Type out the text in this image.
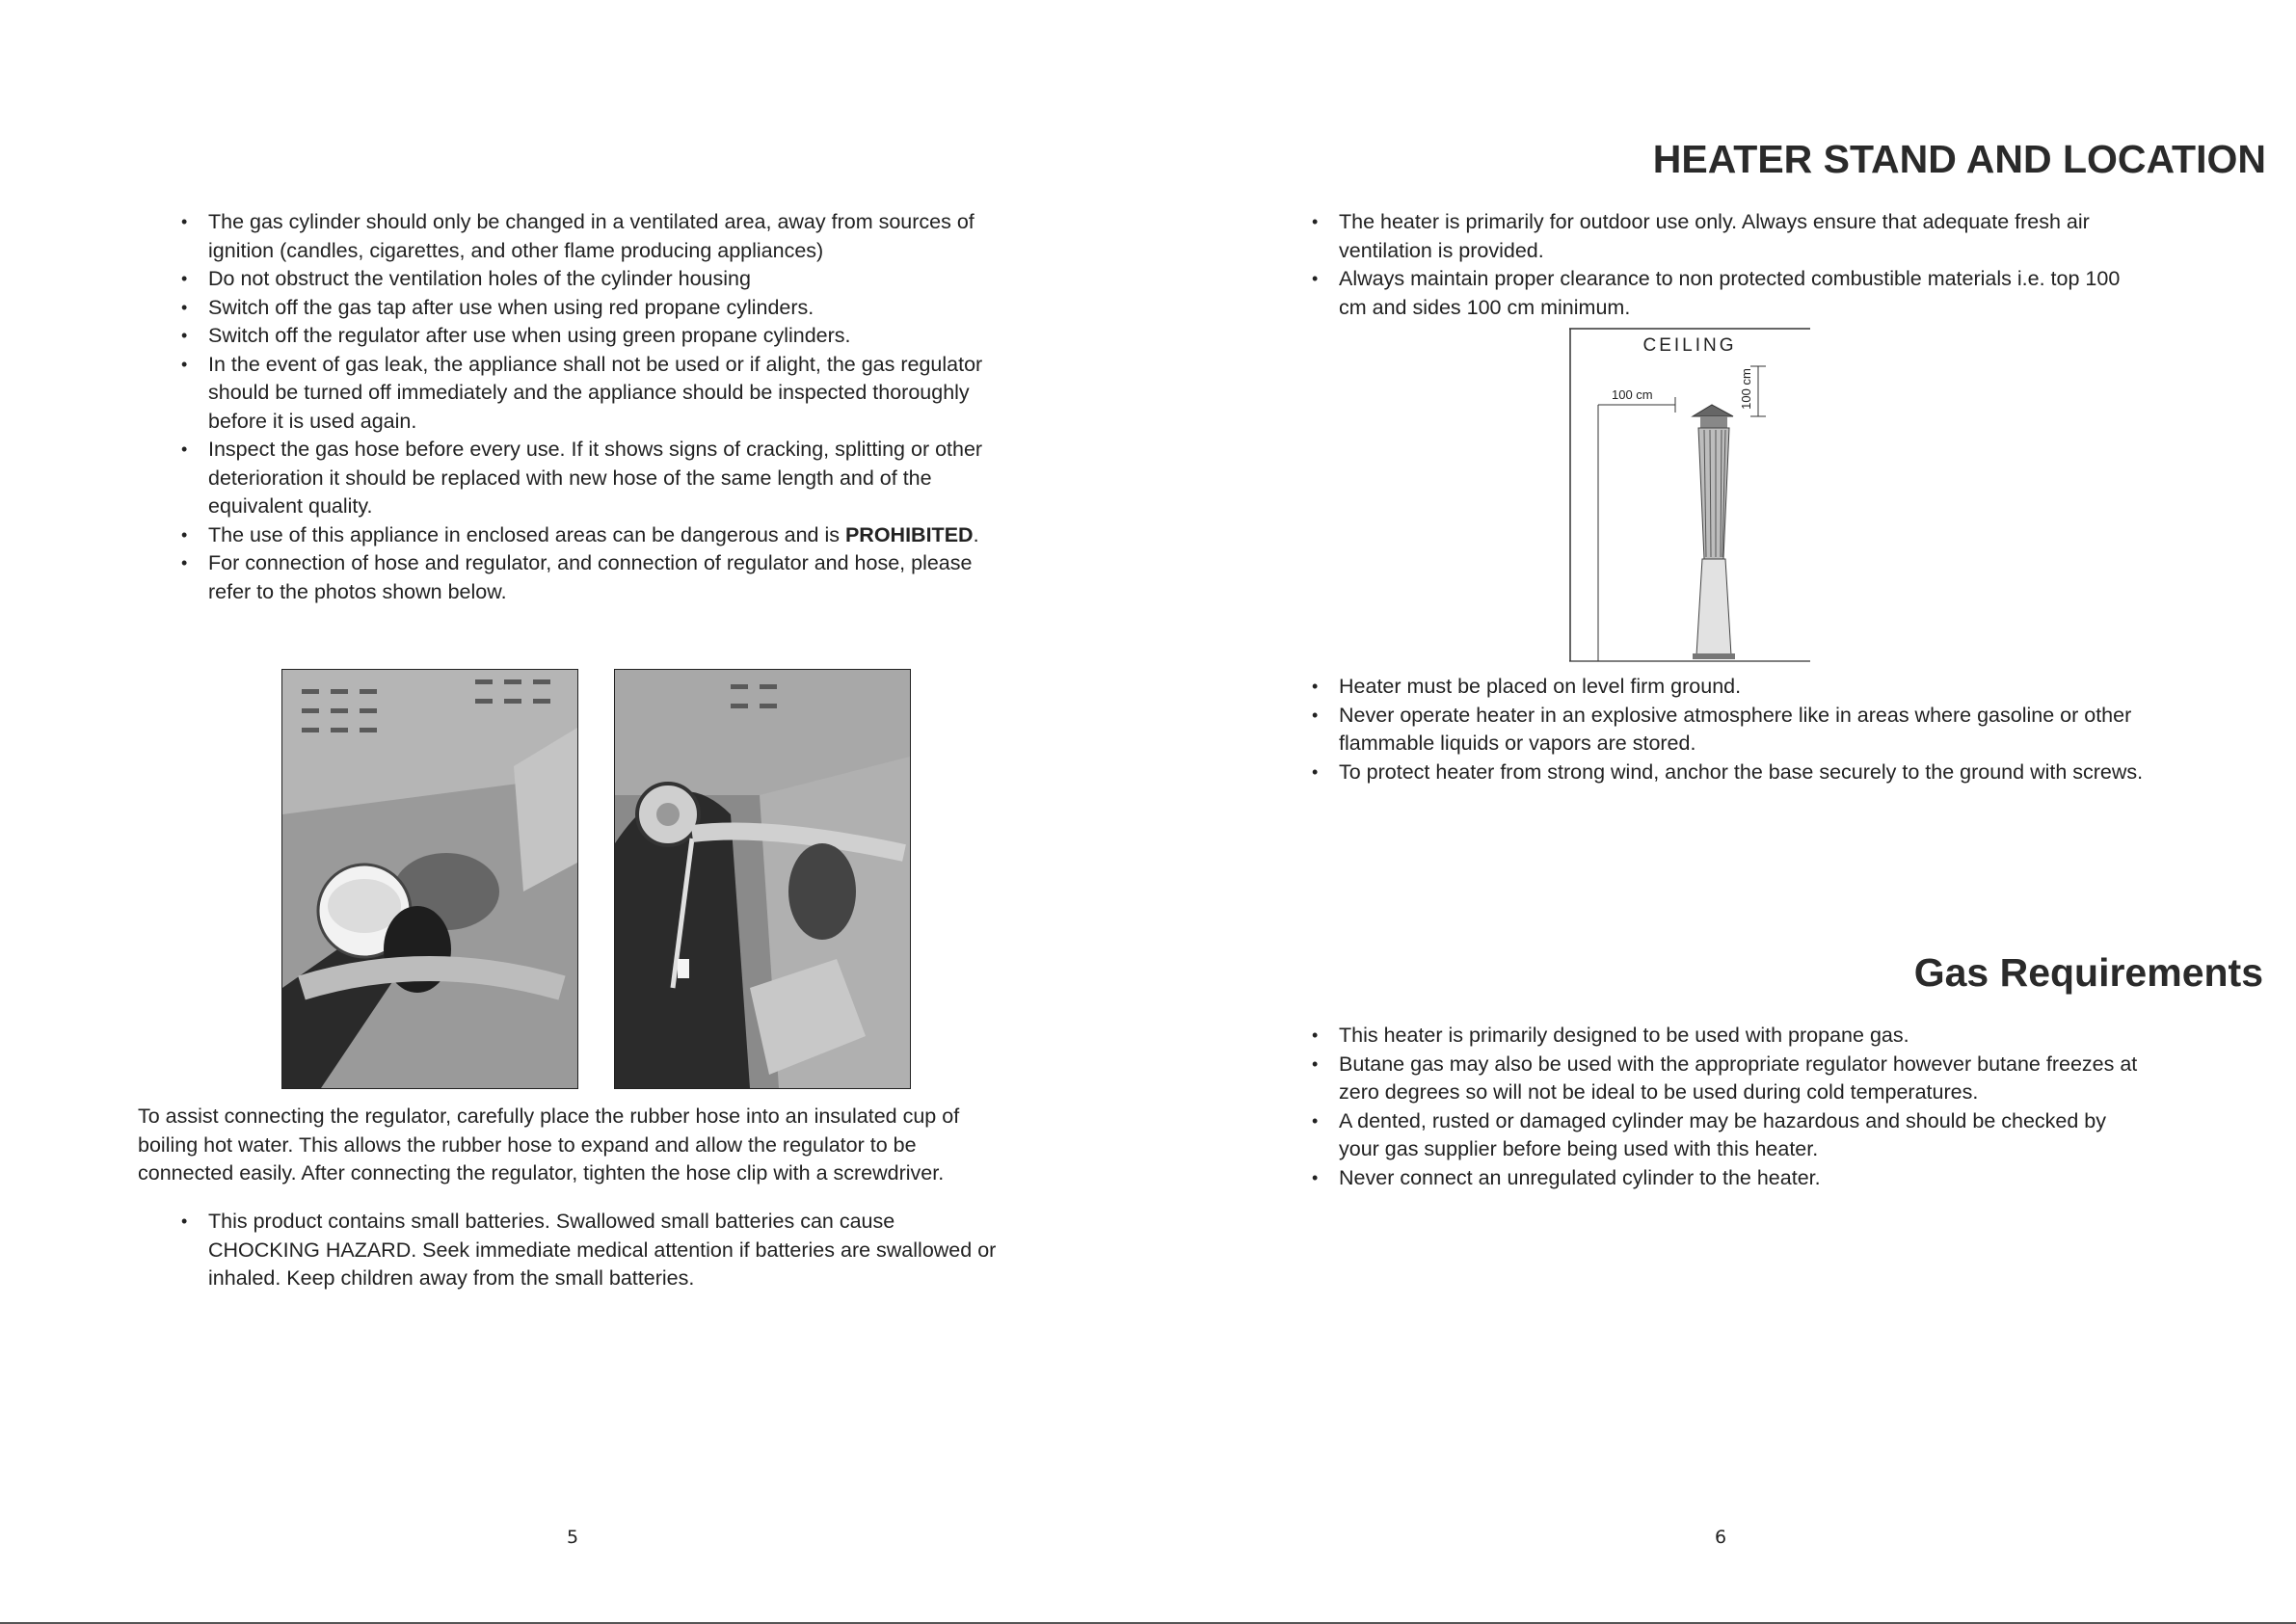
• The gas cylinder should only be changed in a ventilated area, away from sources of ignition (candles, cigarettes, and other flame producing appliances)
• Do not obstruct the ventilation holes of the cylinder housing
• Switch off the gas tap after use when using red propane cylinders.
• Switch off the regulator after use when using green propane cylinders.
• In the event of gas leak, the appliance shall not be used or if alight, the gas regulator should be turned off immediately and the appliance should be inspected thoroughly before it is used again.
• Inspect the gas hose before every use. If it shows signs of cracking, splitting or other deterioration it should be replaced with new hose of the same length and of the equivalent quality.
• The use of this appliance in enclosed areas can be dangerous and is PROHIBITED.
• For connection of hose and regulator, and connection of regulator and hose, please refer to the photos shown below.

To assist connecting the regulator, carefully place the rubber hose into an insulated cup of boiling hot water. This allows the rubber hose to expand and allow the regulator to be connected easily. After connecting the regulator, tighten the hose clip with a screwdriver.

• This product contains small batteries. Swallowed small batteries can cause CHOCKING HAZARD. Seek immediate medical attention if batteries are swallowed or inhaled. Keep children away from the small batteries.
5
HEATER STAND AND LOCATION
• The heater is primarily for outdoor use only. Always ensure that adequate fresh air ventilation is provided.
• Always maintain proper clearance to non protected combustible materials i.e. top 100 cm and sides 100 cm minimum.
CEILING
100 cm	100 cm
• Heater must be placed on level firm ground.
• Never operate heater in an explosive atmosphere like in areas where gasoline or other flammable liquids or vapors are stored.
• To protect heater from strong wind, anchor the base securely to the ground with screws.
Gas Requirements
• This heater is primarily designed to be used with propane gas.
• Butane gas may also be used with the appropriate regulator however butane freezes at zero degrees so will not be ideal to be used during cold temperatures.
• A dented, rusted or damaged cylinder may be hazardous and should be checked by your gas supplier before being used with this heater.
• Never connect an unregulated cylinder to the heater.
6
